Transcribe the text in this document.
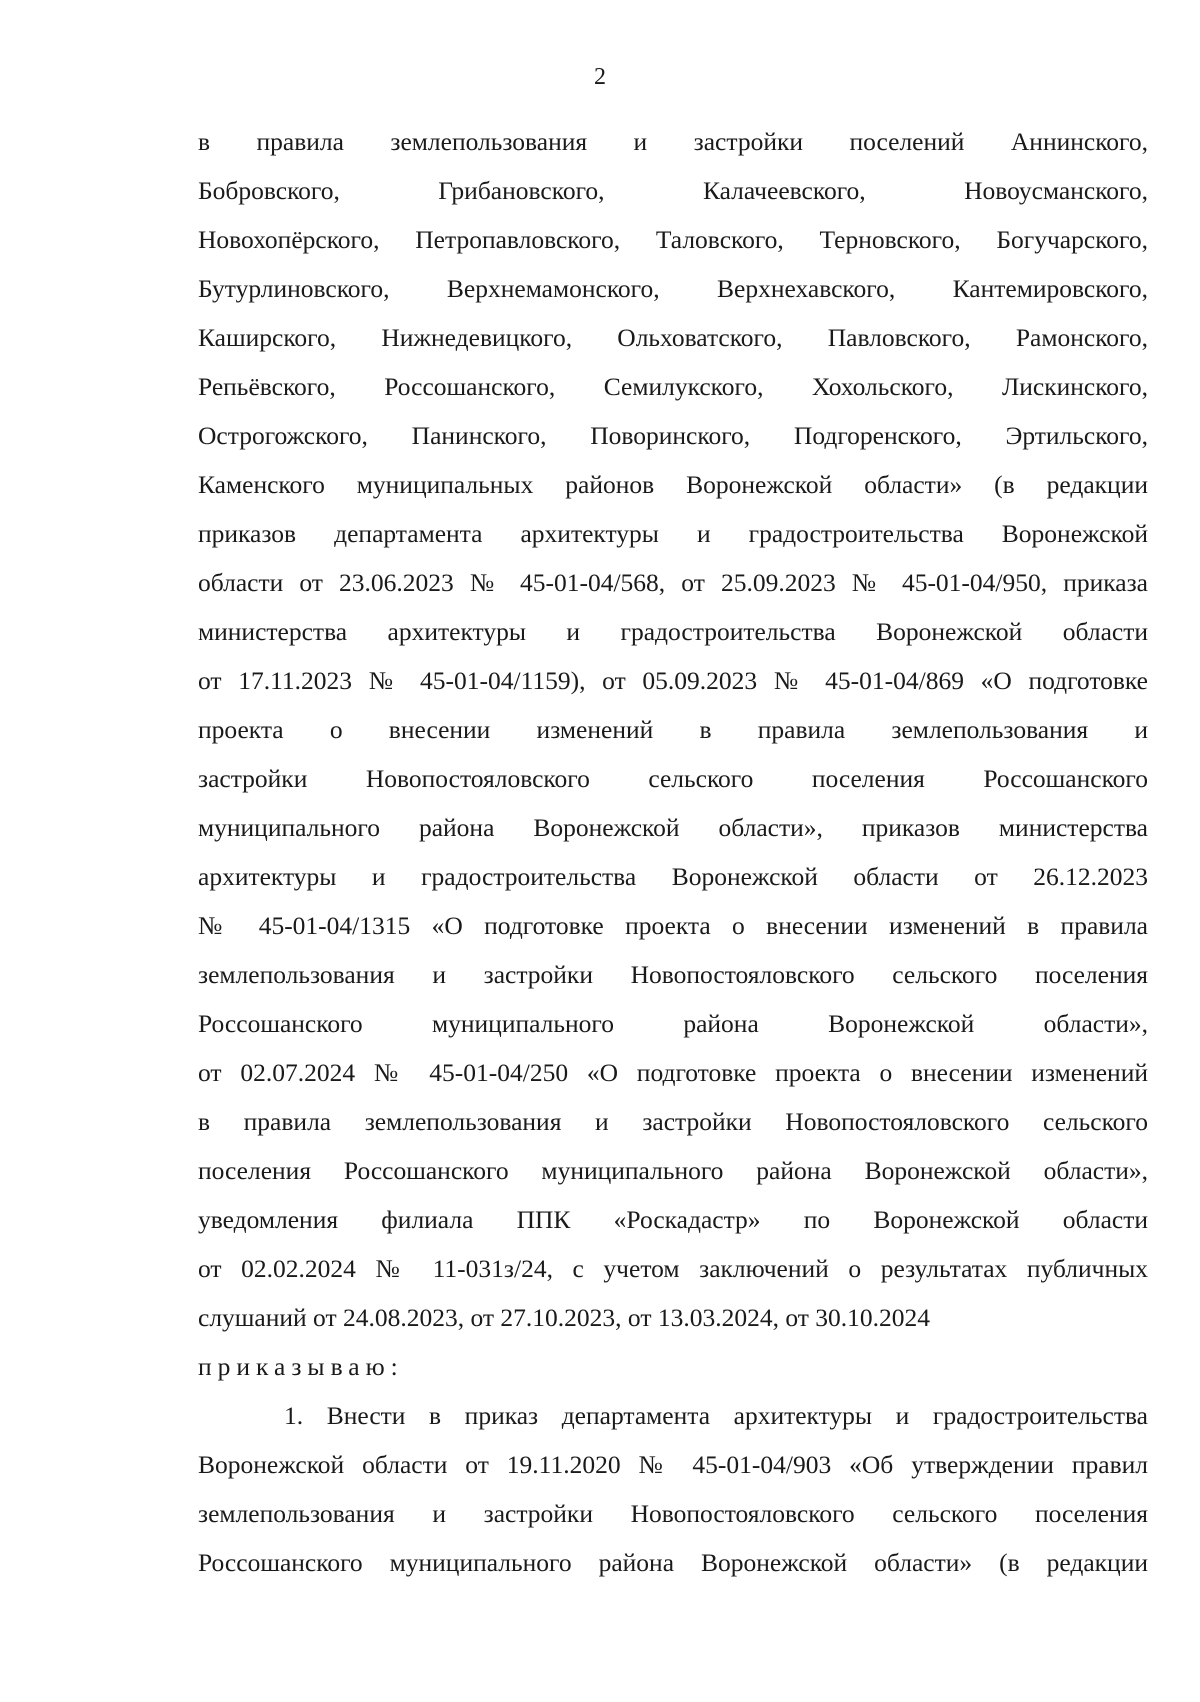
2
в правила землепользования и застройки поселений Аннинского,
Бобровского, Грибановского, Калачеевского, Новоусманского,
Новохопёрского, Петропавловского, Таловского, Терновского, Богучарского,
Бутурлиновского, Верхнемамонского, Верхнехавского, Кантемировского,
Каширского, Нижнедевицкого, Ольховатского, Павловского, Рамонского,
Репьёвского, Россошанского, Семилукского, Хохольского, Лискинского,
Острогожского, Панинского, Поворинского, Подгоренского, Эртильского,
Каменского муниципальных районов Воронежской области» (в редакции
приказов департамента архитектуры и градостроительства Воронежской
области от 23.06.2023 № 45-01-04/568, от 25.09.2023 № 45-01-04/950, приказа
министерства архитектуры и градостроительства Воронежской области
от 17.11.2023 № 45-01-04/1159), от 05.09.2023 № 45-01-04/869 «О подготовке
проекта о внесении изменений в правила землепользования и
застройки Новопостояловского сельского поселения Россошанского
муниципального района Воронежской области», приказов министерства
архитектуры и градостроительства Воронежской области от 26.12.2023
№ 45-01-04/1315 «О подготовке проекта о внесении изменений в правила
землепользования и застройки Новопостояловского сельского поселения
Россошанского муниципального района Воронежской области»,
от 02.07.2024 № 45-01-04/250 «О подготовке проекта о внесении изменений
в правила землепользования и застройки Новопостояловского сельского
поселения Россошанского муниципального района Воронежской области»,
уведомления филиала ППК «Роскадастр» по Воронежской области
от 02.02.2024 № 11-031з/24, с учетом заключений о результатах публичных
слушаний от 24.08.2023, от 27.10.2023, от 13.03.2024, от 30.10.2024
приказываю:
1. Внести в приказ департамента архитектуры и градостроительства
Воронежской области от 19.11.2020 № 45-01-04/903 «Об утверждении правил
землепользования и застройки Новопостояловского сельского поселения
Россошанского муниципального района Воронежской области» (в редакции
